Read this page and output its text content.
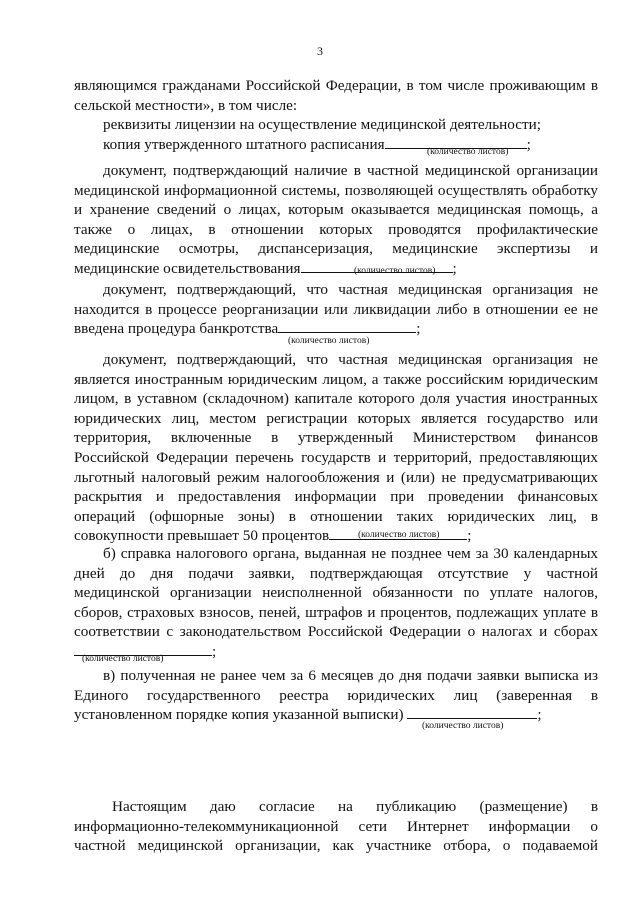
3

являющимся гражданами Российской Федерации, в том числе проживающим в

сельской местности», в том числе:

реквизиты лицензии на осуществление медицинской деятельности;

копия утвержденного штатного расписания	;

(количество листов)

документ, подтверждающий наличие в частной медицинской организации

медицинской информационной системы, позволяющей осуществлять обработку

и хранение сведений о лицах, которым оказывается медицинская помощь, а

также о лицах, в отношении которых проводятся профилактические

медицинские осмотры, диспансеризация, медицинские экспертизы и

медицинские освидетельствования	;

(количество листов)

документ, подтверждающий, что частная медицинская организация не

находится в процессе реорганизации или ликвидации либо в отношении ее не

введена процедура банкротства	;

(количество листов)

документ, подтверждающий, что частная медицинская организация не

является иностранным юридическим лицом, а также российским юридическим

лицом, в уставном (складочном) капитале которого доля участия иностранных

юридических лиц, местом регистрации которых является государство или

территория, включенные в утвержденный Министерством финансов

Российской Федерации перечень государств и территорий, предоставляющих

льготный налоговый режим налогообложения и (или) не предусматривающих

раскрытия и предоставления информации при проведении финансовых

операций (офшорные зоны) в отношении таких юридических лиц, в

совокупности превышает 50 процентов	;

(количество листов)

б) справка налогового органа, выданная не позднее чем за 30 календарных

дней до дня подачи заявки, подтверждающая отсутствие у частной

медицинской организации неисполненной обязанности по уплате налогов,

сборов, страховых взносов, пеней, штрафов и процентов, подлежащих уплате в

соответствии с законодательством Российской Федерации о налогах и сборах

;

(количество листов)

в) полученная не ранее чем за 6 месяцев до дня подачи заявки выписка из

Единого государственного реестра юридических лиц (заверенная в

установленном порядке копия указанной выписки)	;

(количество листов)

Настоящим даю согласие на публикацию (размещение) в

информационно-телекоммуникационной сети Интернет информации о

частной медицинской организации, как участнике отбора, о подаваемой
